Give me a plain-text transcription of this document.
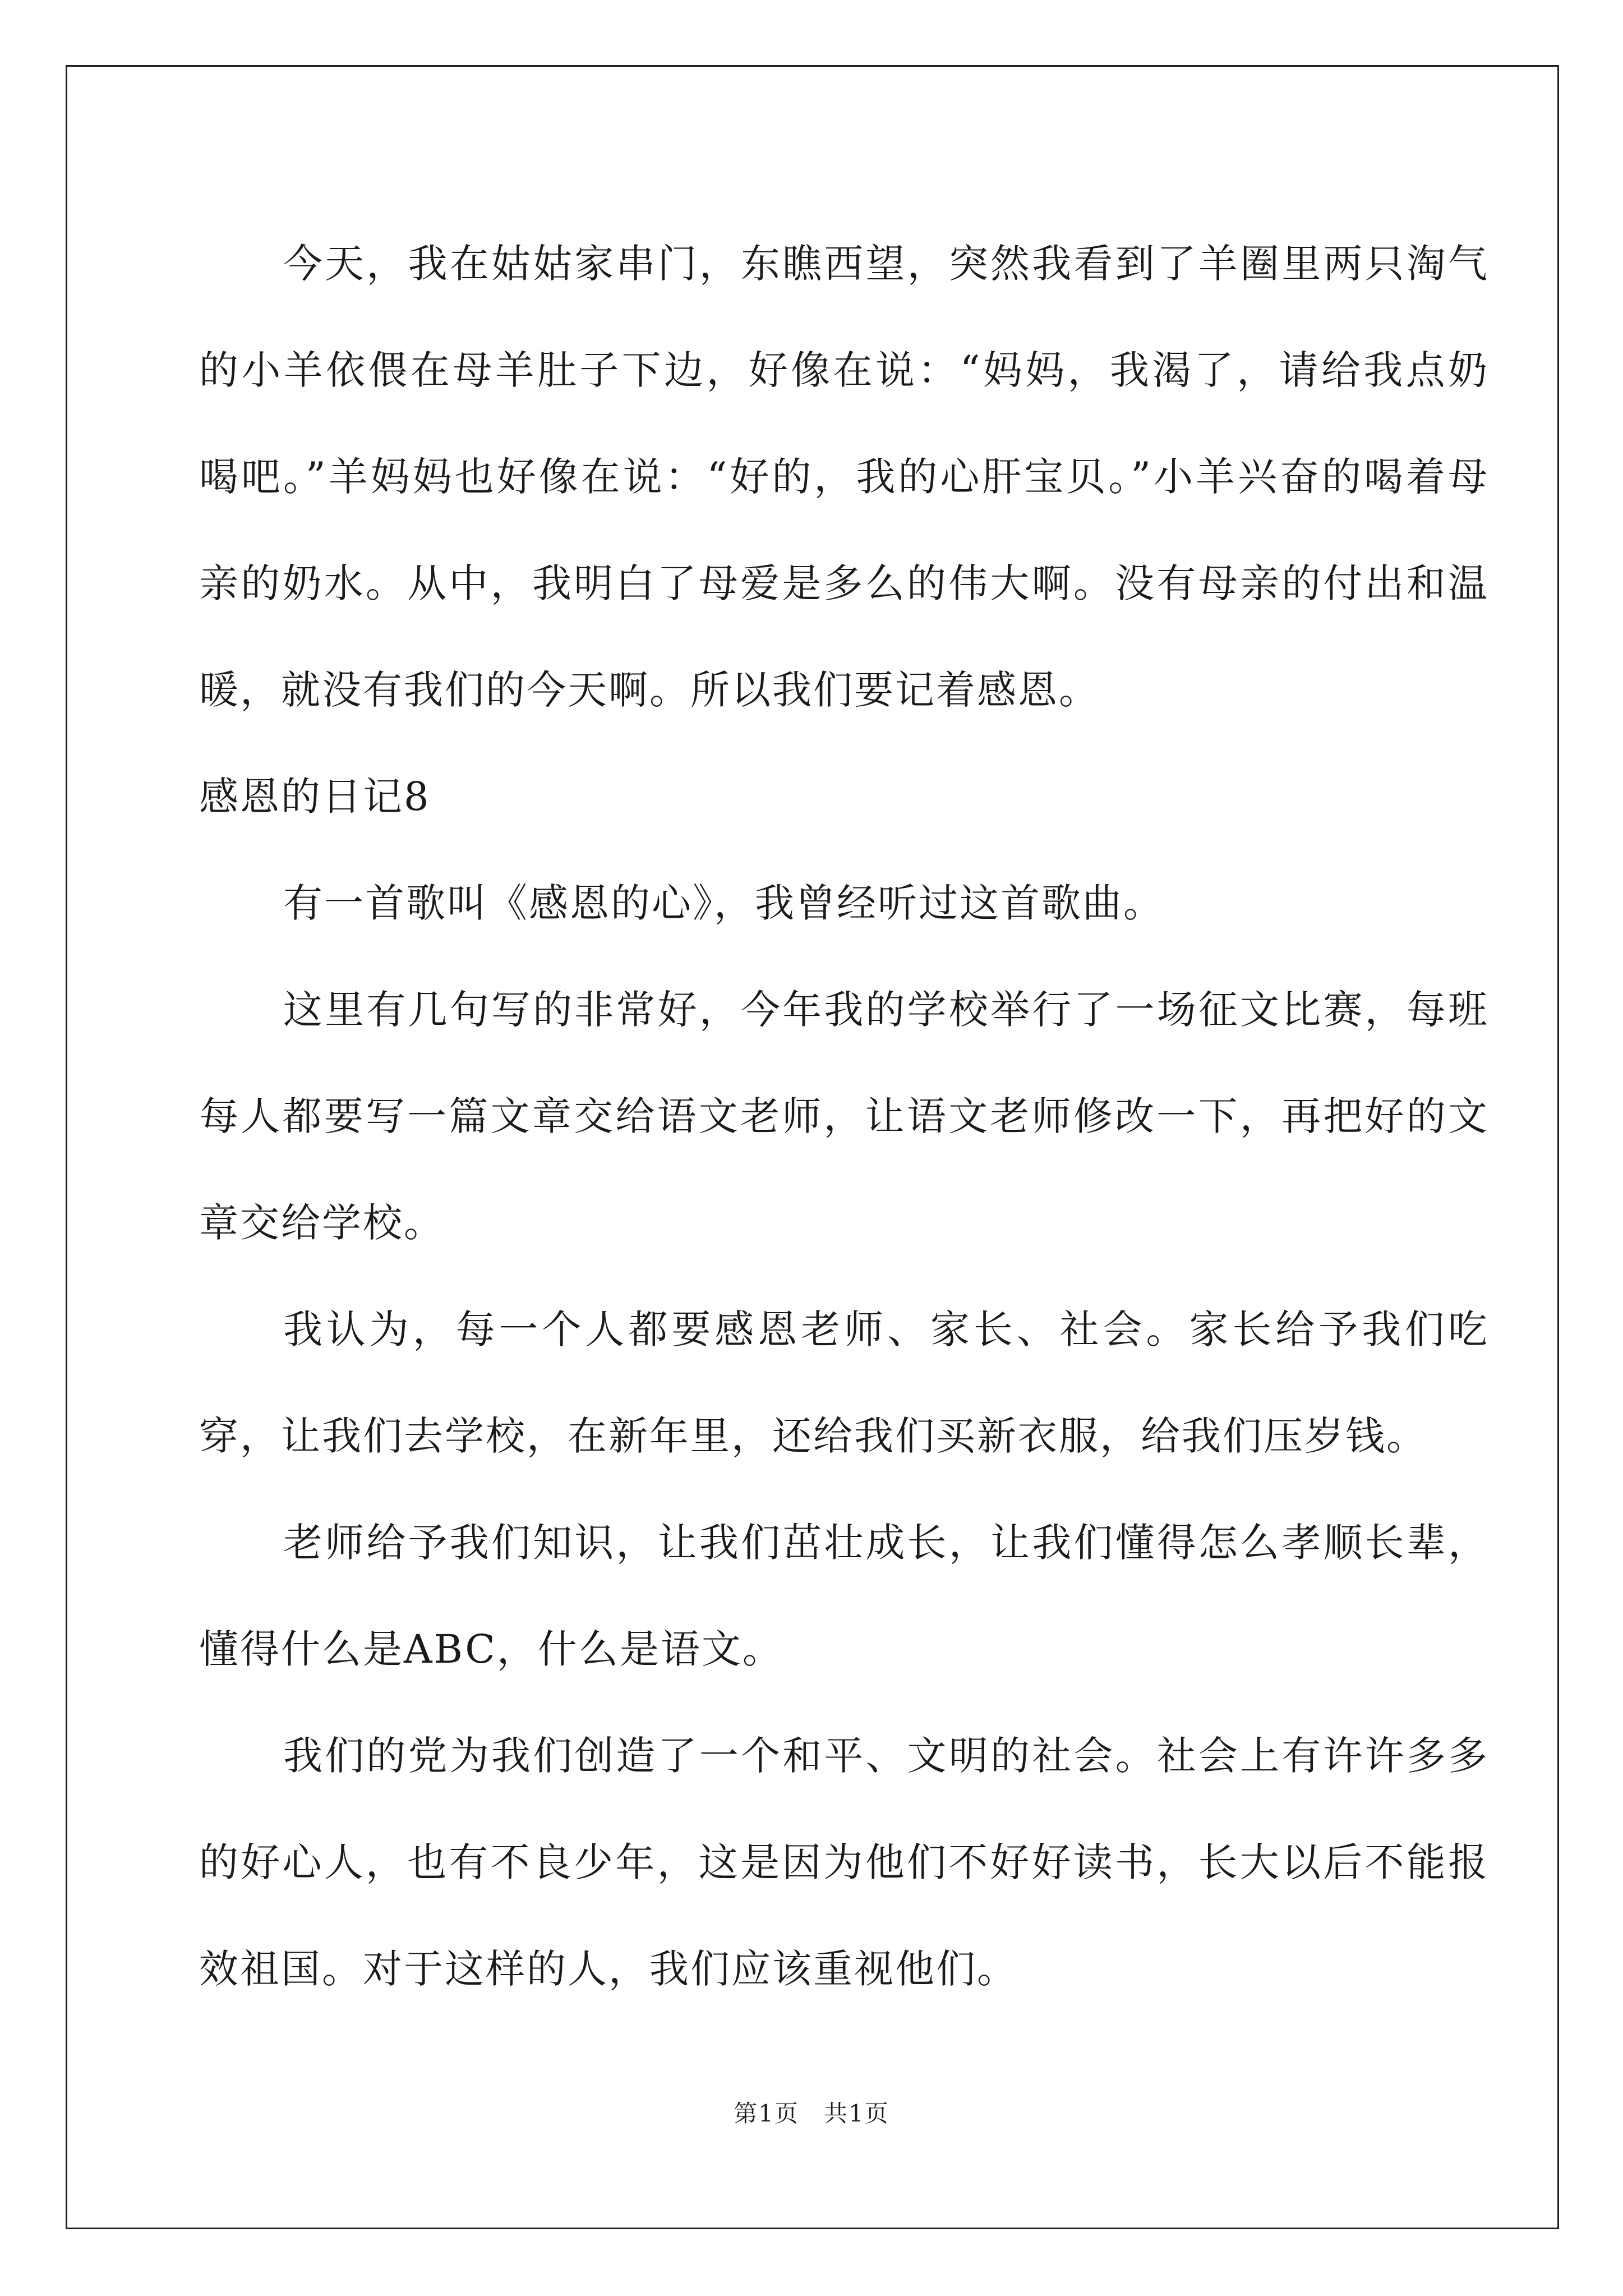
今天，我在姑姑家串门，东瞧西望，突然我看到了羊圈里两只淘气的小羊依偎在母羊肚子下边，好像在说：“妈妈，我渴了，请给我点奶喝吧。”羊妈妈也好像在说：“好的，我的心肝宝贝。”小羊兴奋的喝着母亲的奶水。从中，我明白了母爱是多么的伟大啊。没有母亲的付出和温暖，就没有我们的今天啊。所以我们要记着感恩。

感恩的日记8

有一首歌叫《感恩的心》，我曾经听过这首歌曲。

这里有几句写的非常好，今年我的学校举行了一场征文比赛，每班每人都要写一篇文章交给语文老师，让语文老师修改一下，再把好的文章交给学校。

我认为，每一个人都要感恩老师、家长、社会。家长给予我们吃穿，让我们去学校，在新年里，还给我们买新衣服，给我们压岁钱。

老师给予我们知识，让我们茁壮成长，让我们懂得怎么孝顺长辈，懂得什么是ABC，什么是语文。

我们的党为我们创造了一个和平、文明的社会。社会上有许许多多的好心人，也有不良少年，这是因为他们不好好读书，长大以后不能报效祖国。对于这样的人，我们应该重视他们。

第1页　共1页
